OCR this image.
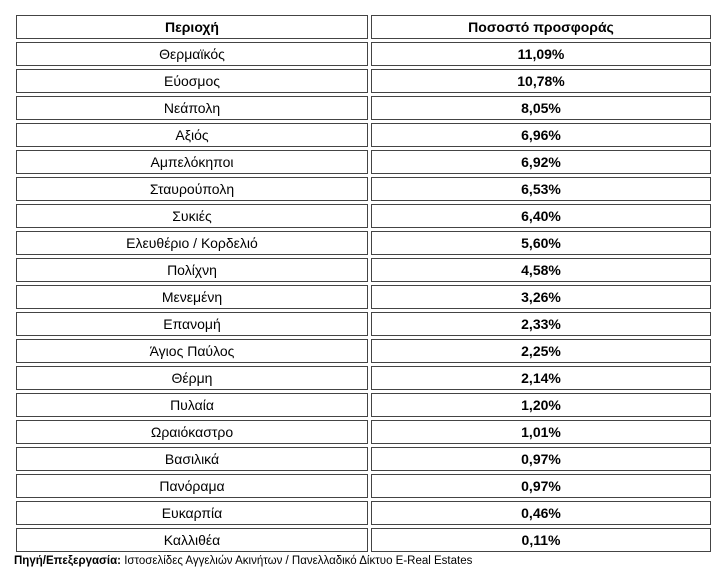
Περιοχή	Ποσοστό προσφοράς
Θερμαϊκός	11,09%
Εύοσμος	10,78%
Νεάπολη	8,05%
Αξιός	6,96%
Αμπελόκηποι	6,92%
Σταυρούπολη	6,53%
Συκιές	6,40%
Ελευθέριο / Κορδελιό	5,60%
Πολίχνη	4,58%
Μενεμένη	3,26%
Επανομή	2,33%
Άγιος Παύλος	2,25%
Θέρμη	2,14%
Πυλαία	1,20%
Ωραιόκαστρο	1,01%
Βασιλικά	0,97%
Πανόραμα	0,97%
Ευκαρπία	0,46%
Καλλιθέα	0,11%
Πηγή/Επεξεργασία: Ιστοσελίδες Αγγελιών Ακινήτων / Πανελλαδικό Δίκτυο E-Real Estates
